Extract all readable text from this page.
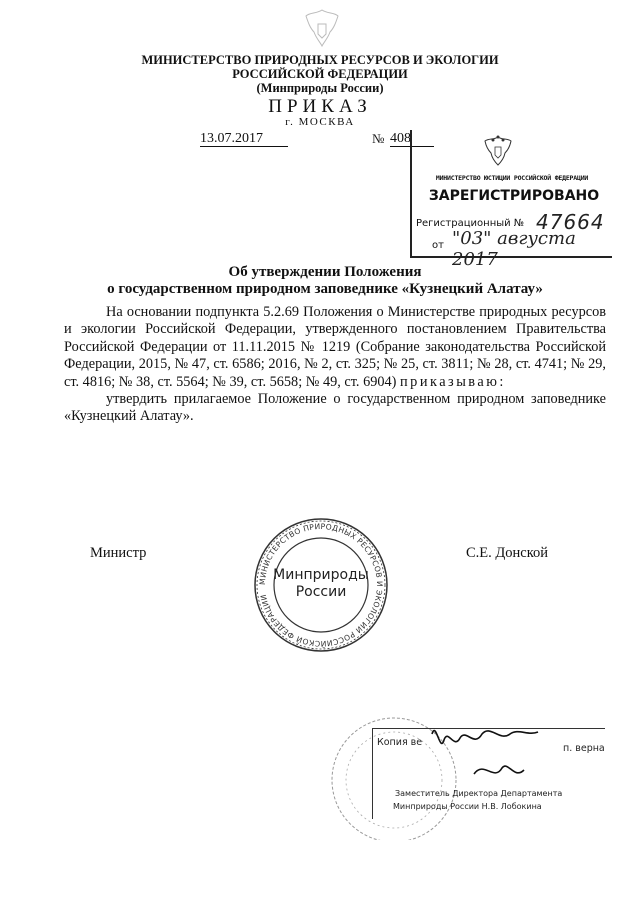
МИНИСТЕРСТВО ПРИРОДНЫХ РЕСУРСОВ И ЭКОЛОГИИ
РОССИЙСКОЙ ФЕДЕРАЦИИ
(Минприроды России)
ПРИКАЗ
г. МОСКВА
13.07.2017	№ 408
МИНИСТЕРСТВО ЮСТИЦИИ РОССИЙСКОЙ ФЕДЕРАЦИИ
ЗАРЕГИСТРИРОВАНО
Регистрационный № 47664
от "03" августа 2017
Об утверждении Положения
о государственном природном заповеднике «Кузнецкий Алатау»

На основании подпункта 5.2.69 Положения о Министерстве природных ресурсов и экологии Российской Федерации, утвержденного постановлением Правительства Российской Федерации от 11.11.2015 № 1219 (Собрание законодательства Российской Федерации, 2015, № 47, ст. 6586; 2016, № 2, ст. 325; № 25, ст. 3811; № 28, ст. 4741; № 29, ст. 4816; № 38, ст. 5564; № 39, ст. 5658; № 49, ст. 6904) приказываю:

утвердить прилагаемое Положение о государственном природном заповеднике «Кузнецкий Алатау».

Министр	С.Е. Донской
МИНИСТЕРСТВО ПРИРОДНЫХ РЕСУРСОВ И ЭКОЛОГИИ РОССИЙСКОЙ ФЕДЕРАЦИИ
Минприроды
России
Копия ве
п. верна
Заместитель Директора Департамента
Минприроды России Н.В. Лобокина
